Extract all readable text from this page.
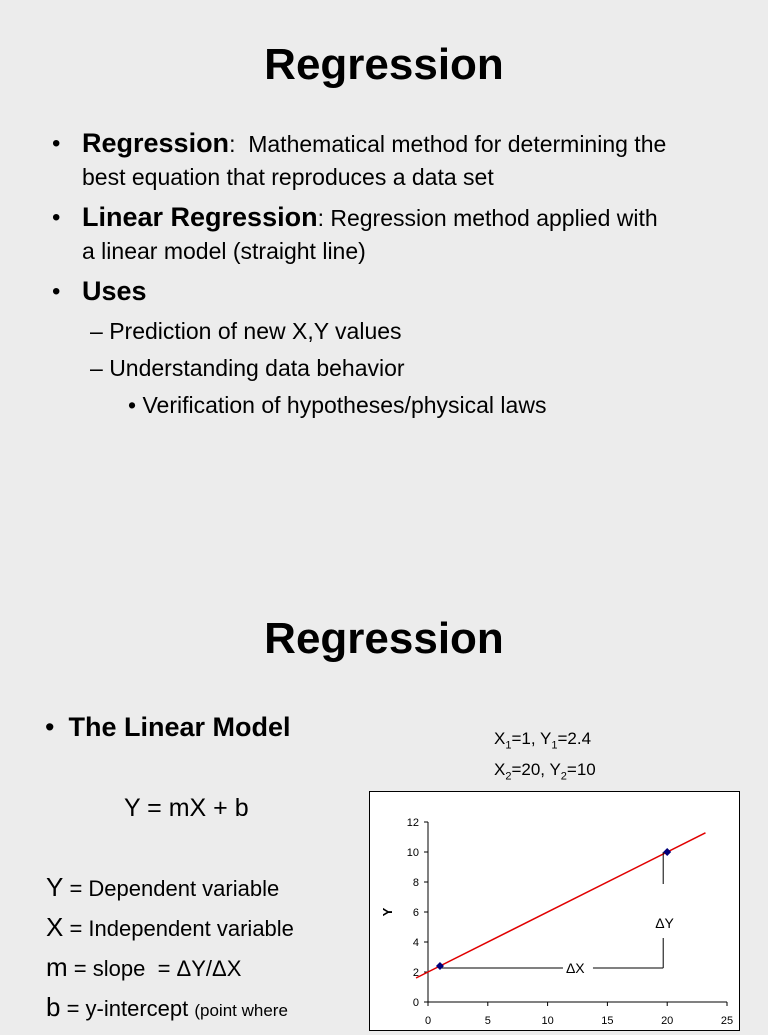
Regression
• Regression:  Mathematical method for determining the
best equation that reproduces a data set
• Linear Regression: Regression method applied with
a linear model (straight line)
• Uses
– Prediction of new X,Y values
– Understanding data behavior
• Verification of hypotheses/physical laws
Regression
• The Linear Model	$X_1=1$, $Y_1=2.4$
$X_2=20$, $Y_2=10$
Y = mX + b
Y = Dependent variable
X = Independent variable
m = slope  = ΔY/ΔX
b = y-intercept (point where	0
2
4
6
8
10
12
0	5	10	15	20	25
Y
ΔX
ΔY
